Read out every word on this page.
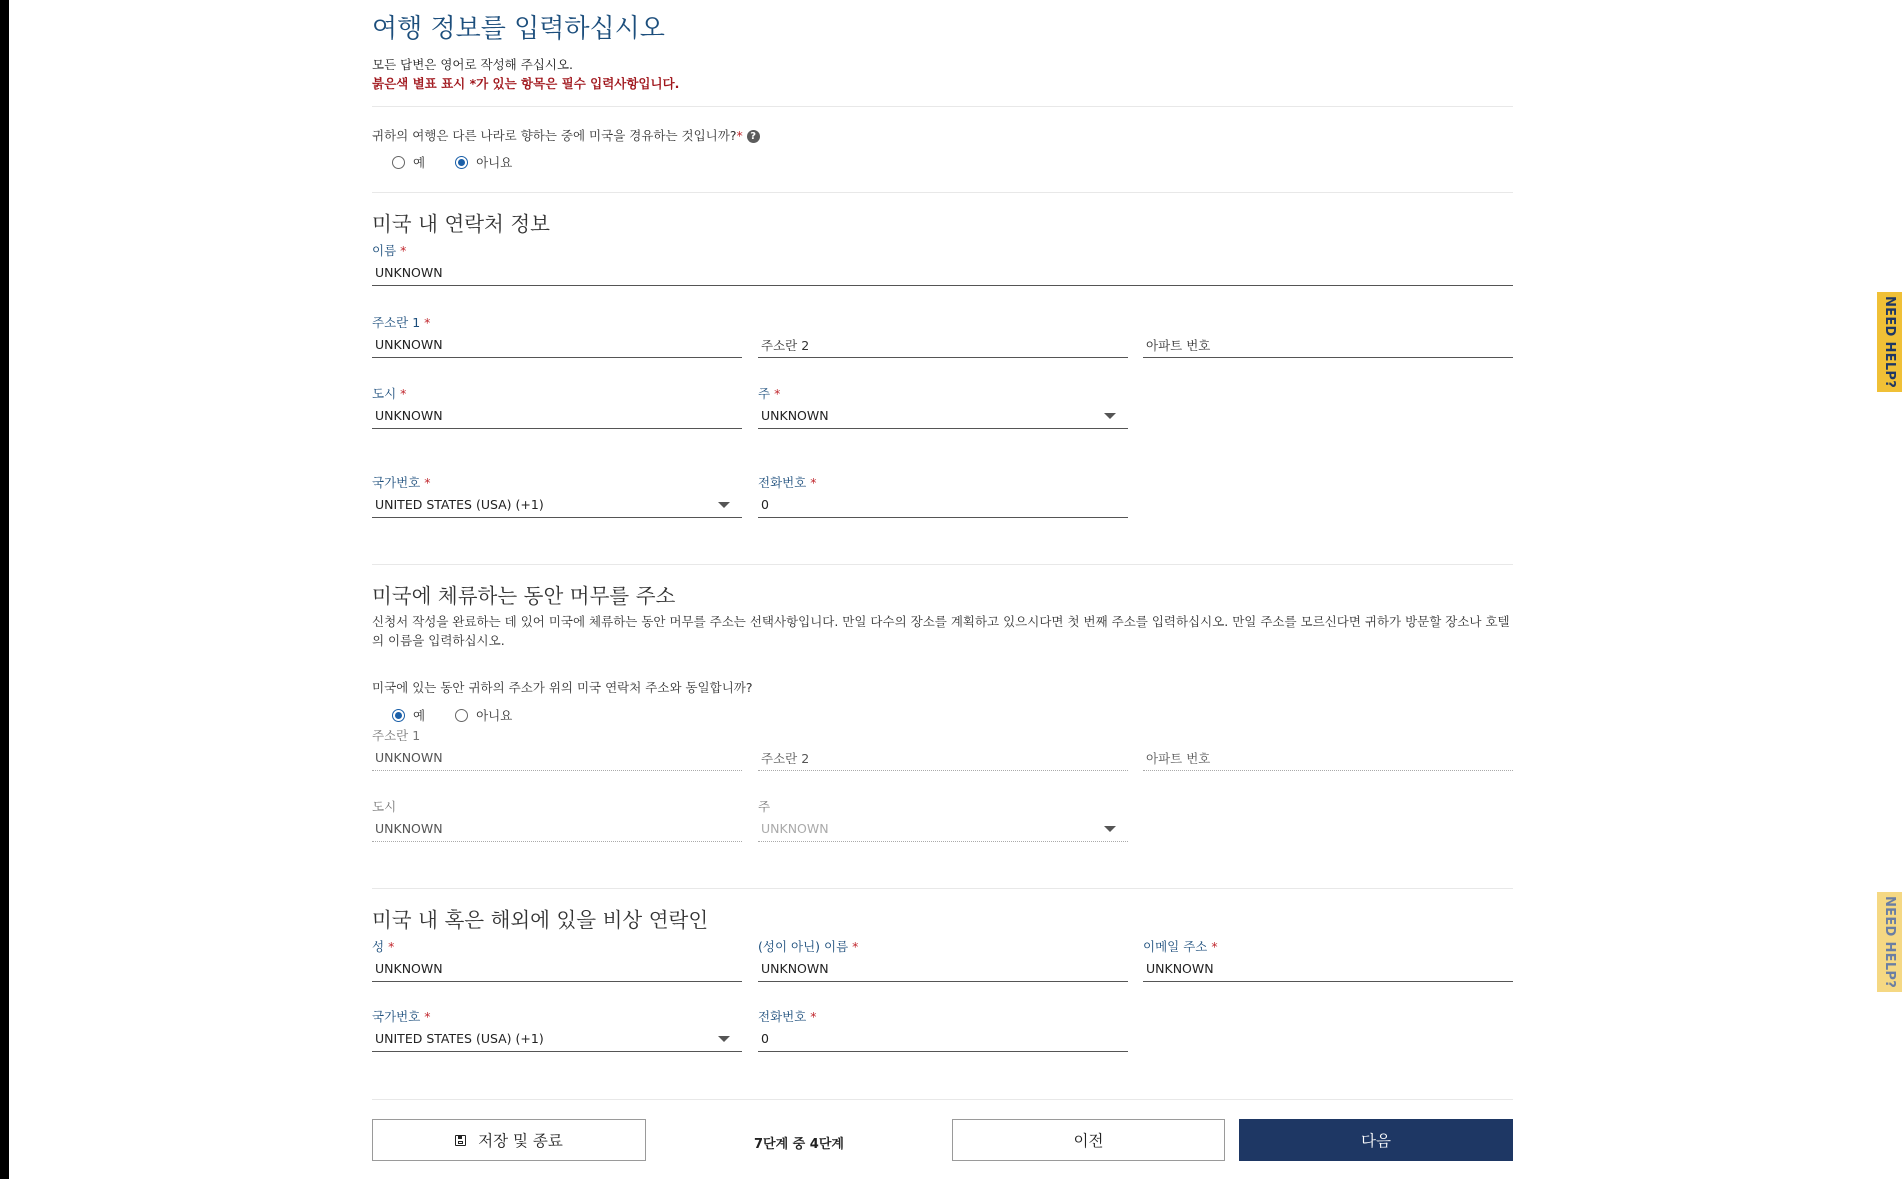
여행 정보를 입력하십시오
모든 답변은 영어로 작성해 주십시오.
붉은색 별표 표시 *가 있는 항목은 필수 입력사항입니다.
귀하의 여행은 다른 나라로 향하는 중에 미국을 경유하는 것입니까?* ?
예	아니요
미국 내 연락처 정보
이름 *
UNKNOWN
주소란 1 *
UNKNOWN	주소란 2	아파트 번호
도시 *
UNKNOWN
주 *
UNKNOWN
국가번호 *
UNITED STATES (USA) (+1)
전화번호 *
0
미국에 체류하는 동안 머무를 주소
신청서 작성을 완료하는 데 있어 미국에 체류하는 동안 머무를 주소는 선택사항입니다. 만일 다수의 장소를 계획하고 있으시다면 첫 번째 주소를 입력하십시오. 만일 주소를 모르신다면 귀하가 방문할 장소나 호텔의 이름을 입력하십시오.
미국에 있는 동안 귀하의 주소가 위의 미국 연락처 주소와 동일합니까?
예	아니요
주소란 1
UNKNOWN	주소란 2	아파트 번호
도시
UNKNOWN
주
UNKNOWN
미국 내 혹은 해외에 있을 비상 연락인
성 *
UNKNOWN
(성이 아닌) 이름 *
UNKNOWN
이메일 주소 *
UNKNOWN
국가번호 *
UNITED STATES (USA) (+1)
전화번호 *
0
저장 및 종료	7단계 중 4단계	이전	다음
NEED HELP?
NEED HELP?
